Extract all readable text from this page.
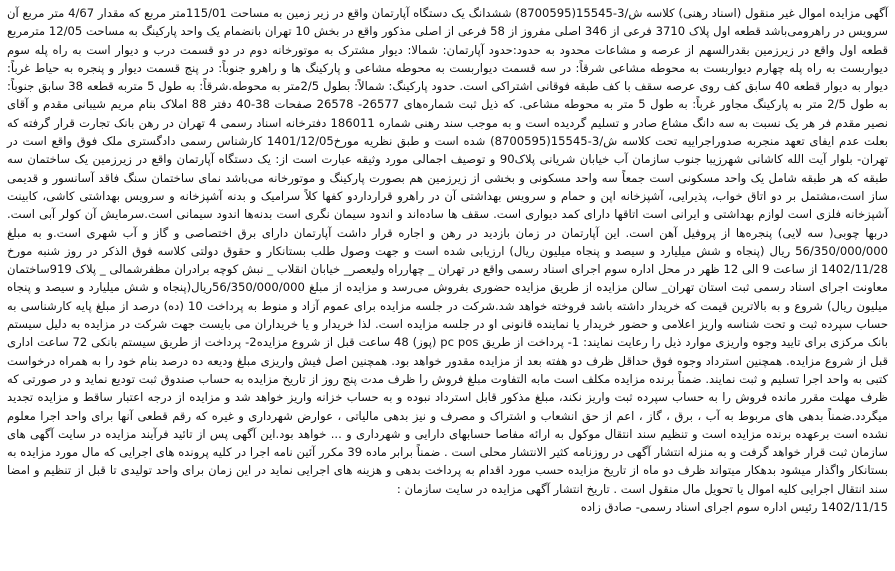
آگهی مزایده اموال غیر منقول (اسناد رهنی) کلاسه ش/3-15545(8700595) ششدانگ یک دستگاه آپارتمان واقع در زیر زمین به مساحت 115/01متر مربع که مقدار 4/67 متر مربع آن سرویس در راهرومی‌باشد قطعه اول پلاک 3710 فرعی از 346 اصلی مفروز از 58 فرعی از اصلی مذکور واقع در بخش 10 تهران بانضمام یک واحد پارکینگ به مساحت 12/05 مترمربع قطعه اول واقع در زیرزمین بقدرالسهم از عرصه و مشاعات محدود به حدود:حدود آپارتمان: شمالا: دیوار مشترک به موتورخانه دوم در دو قسمت درب و دیوار است به راه پله سوم دیواربست به راه پله چهارم دیواربست به محوطه مشاعی شرقاً: در سه قسمت دیواربست به محوطه مشاعی و پارکینگ ها و راهرو جنوباً: در پنج قسمت دیوار و پنجره به حیاط غرباً: دیوار به دیوار قطعه 40 سابق کف روی عرصه سقف با کف طبقه فوقانی اشتراکی است. حدود پارکینگ: شمالاً: بطول 2/5متر به محوطه.شرقاً: به طول 5 متربه قطعه 38 سابق جنوباً: به طول 2/5 متر به پارکینگ مجاور غرباً: به طول 5 متر به محوطه مشاعی. که ذیل ثبت شماره‌های 26577- 26578 صفحات 38-40 دفتر 88 املاک بنام مریم شیبانی مقدم و آقای نصیر مقدم فر هر یک نسبت به سه دانگ مشاع صادر و تسلیم گردیده است و به موجب سند رهنی شماره 186011 دفترخانه اسناد رسمی 4 تهران در رهن بانک تجارت قرار گرفته که بعلت عدم ایفای تعهد منجربه صدوراجراییه تحت کلاسه ش/3-15545(8700595) شده است و طبق نظریه مورخ1401/12/05 کارشناس رسمی دادگستری ملک فوق واقع است در تهران- بلوار آیت الله کاشانی شهرزیبا جنوب سازمان آب خیابان شریانی پلاک90 و توصیف اجمالی مورد وثیقه عبارت است از: یک دستگاه آپارتمان واقع در زیرزمین یک ساختمان سه طبقه که هر طبقه شامل یک واحد مسکونی است جمعاً سه واحد مسکونی و بخشی از زیرزمین هم بصورت پارکینگ و موتورخانه می‌باشد نمای ساختمان سنگ فاقد آسانسور و قدیمی ساز است،مشتمل بر دو اتاق خواب، پذیرایی، آشپزخانه اپن و حمام و سرویس بهداشتی آن در راهرو قرارداردو کفها کلاً سرامیک و بدنه آشپزخانه و سرویس بهداشتی کاشی، کابینت آشپزخانه فلزی است لوازم بهداشتی و ایرانی است اتاقها دارای کمد دیواری است. سقف ها ساده‌اند و اندود سیمان نگری است بدنه‌ها اندود سیمانی است.سرمایش آن کولر آبی است. دربها چوبی( سه لایی) پنجره‌ها از پروفیل آهن است. این آپارتمان در زمان بازدید در رهن و اجاره قرار داشت آپارتمان دارای برق اختصاصی و گاز و آب شهری است.و به مبلغ 56/350/000/000 ریال (پنجاه و شش میلیارد و سیصد و پنجاه میلیون ریال) ارزیابی شده است و جهت وصول طلب بستانکار و حقوق دولتی کلاسه فوق الذکر در روز شنبه مورخ 1402/11/28 از ساعت 9 الی 12 ظهر در محل اداره سوم اجرای اسناد رسمی واقع در تهران _ چهارراه ولیعصر_ خیابان انقلاب _ نبش کوچه برادران مظفرشمالی _ پلاک 919ساختمان معاونت اجرای اسناد رسمی ثبت استان تهران_ سالن مزایده از طریق مزایده حضوری بفروش می‌رسد و مزایده از مبلغ 56/350/000/000ریال(پنجاه و شش میلیارد و سیصد و پنجاه میلیون ریال) شروع و به بالاترین قیمت که خریدار داشته باشد فروخته خواهد شد.شرکت در جلسه مزایده برای عموم آزاد و منوط به پرداخت 10 (ده) درصد از مبلغ پایه کارشناسی به حساب سپرده ثبت و تحت شناسه واریز اعلامی و حضور خریدار یا نماینده قانونی او در جلسه مزایده است. لذا خریدار و یا خریداران می بایست جهت شرکت در مزایده به دلیل سیستم بانک مرکزی برای تایید وجوه واریزی موارد ذیل را رعایت نمایند: 1- پرداخت از طریق pc pos (پوز) 48 ساعت قبل از شروع مزایده2- پرداخت از طریق سیستم بانکی 72 ساعت اداری قبل از شروع مزایده. همچنین استرداد وجوه فوق حداقل ظرف دو هفته بعد از مزایده مقدور خواهد بود. همچنین اصل فیش واریزی مبلغ ودیعه ده درصد بنام خود را به همراه درخواست کتبی به واحد اجرا تسلیم و ثبت نمایند. ضمناً برنده مزایده مکلف است مابه التفاوت مبلغ فروش را ظرف مدت پنج روز از تاریخ مزایده به حساب صندوق ثبت تودیع نماید و در صورتی که ظرف مهلت مقرر مانده فروش را به حساب سپرده ثبت واریز نکند، مبلغ مذکور قابل استرداد نبوده و به حساب خزانه واریز خواهد شد و مزایده از درجه اعتبار ساقط و مزایده تجدید میگردد.ضمناً بدهی های مربوط به آب ، برق ، گاز ، اعم از حق انشعاب و اشتراک و مصرف و نیز بدهی مالیاتی ، عوارض شهرداری و غیره که رقم قطعی آنها برای واحد اجرا معلوم نشده است برعهده برنده مزایده است و تنظیم سند انتقال موکول به ارائه مفاصا حسابهای دارایی و شهرداری و ... خواهد بود.این آگهی پس از تائید فرآیند مزایده در سایت آگهی های سازمان ثبت قرار خواهد گرفت و به منزله انتشار آگهی در روزنامه کثیر الانتشار محلی است . ضمناً برابر ماده 39 مکرر آئین نامه اجرا در کلیه پرونده های اجرایی که مال مورد مزایده به بستانکار واگذار میشود بدهکار میتواند ظرف دو ماه از تاریخ مزایده حسب مورد اقدام به پرداخت بدهی و هزینه های اجرایی نماید در این زمان برای واحد تولیدی تا قبل از تنظیم و امضا سند انتقال اجرایی کلیه اموال یا تحویل مال منقول است . تاریخ انتشار آگهی مزایده در سایت سازمان :

1402/11/15 رئیس اداره سوم اجرای اسناد رسمی- صادق زاده
